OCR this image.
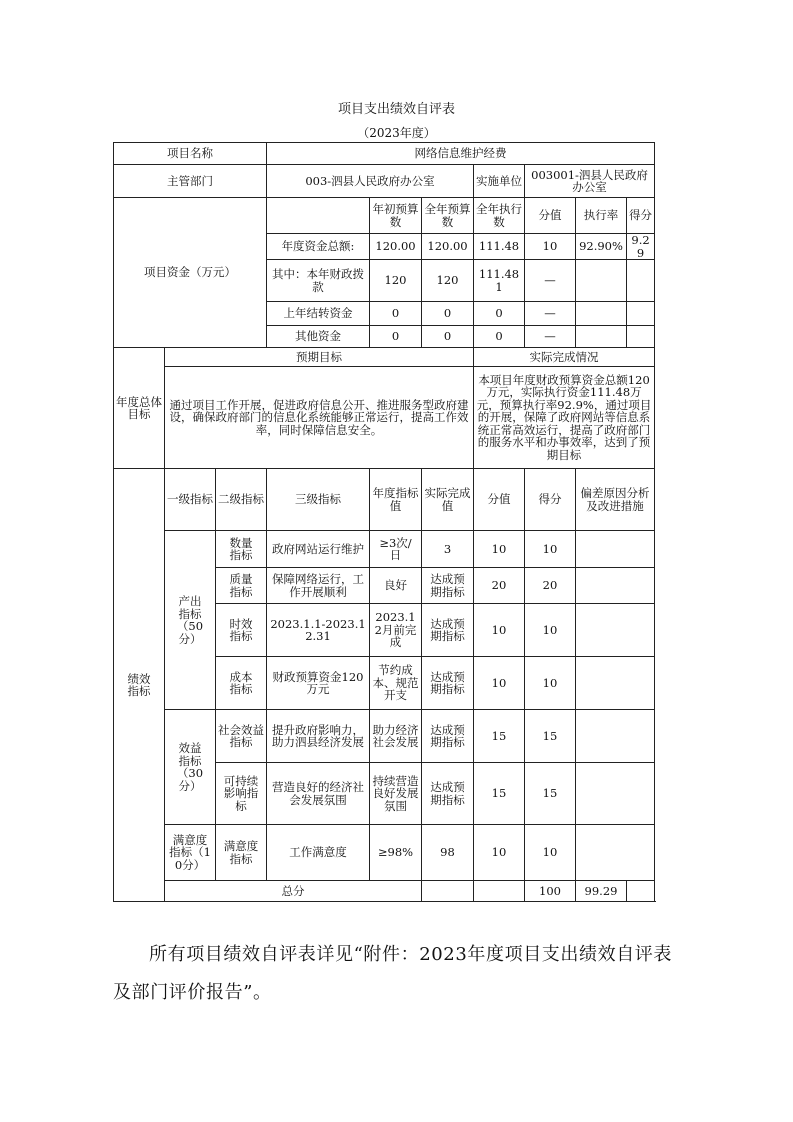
项目支出绩效自评表
（2023年度）
项目名称			网络信息维护经费						
主管部门			003-泗县人民政府办公室			实施单位	003001-泗县人民政府办公室		
项目资金（万元）				年初预算数	全年预算数	全年执行数	分值	执行率	得分
			年度资金总额:	120.00	120.00	111.48	10	92.90%	9.29
			其中：本年财政拨款	120	120	111.481	—		
			上年结转资金	0	0	0	—		
			其他资金	0	0	0	—		
年度总体目标	预期目标					实际完成情况			
	通过项目工作开展，促进政府信息公开、推进服务型政府建设，确保政府部门的信息化系统能够正常运行，提高工作效率，同时保障信息安全。					本项目年度财政预算资金总额120万元，实际执行资金111.48万元，预算执行率92.9%，通过项目的开展，保障了政府网站等信息系统正常高效运行，提高了政府部门的服务水平和办事效率，达到了预期目标			
绩效指标	一级指标	二级指标	三级指标	年度指标值	实际完成值	分值	得分	偏差原因分析及改进措施	
	产出指标（50分）	数量指标	政府网站运行维护	≥3次/日	3	10	10		
		质量指标	保障网络运行，工作开展顺利	良好	达成预期指标	20	20		
		时效指标	2023.1.1-2023.12.31	2023.12月前完成	达成预期指标	10	10		
		成本指标	财政预算资金120万元	节约成本、规范开支	达成预期指标	10	10		
	效益指标（30分）	社会效益指标	提升政府影响力，助力泗县经济发展	助力经济社会发展	达成预期指标	15	15		
		可持续影响指标	营造良好的经济社会发展氛围	持续营造良好发展氛围	达成预期指标	15	15		
	满意度指标（10分）	满意度指标	工作满意度	≥98%	98	10	10		
	总分						100	99.29	
所有项目绩效自评表详见“附件：2023年度项目支出绩效自评表及部门评价报告”。
